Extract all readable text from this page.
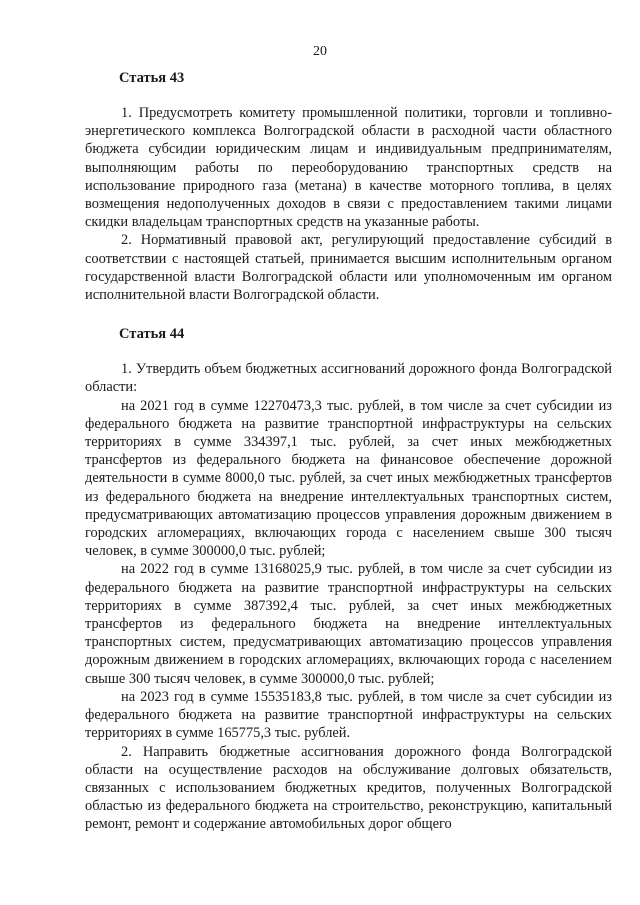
20
Статья 43

1. Предусмотреть комитету промышленной политики, торговли и топливно-энергетического комплекса Волгоградской области в расходной части областного бюджета субсидии юридическим лицам и индивидуальным предпринимателям, выполняющим работы по переоборудованию транспортных средств на использование природного газа (метана) в качестве моторного топлива, в целях возмещения недополученных доходов в связи с предоставлением такими лицами скидки владельцам транспортных средств на указанные работы.

2. Нормативный правовой акт, регулирующий предоставление субсидий в соответствии с настоящей статьей, принимается высшим исполнительным органом государственной власти Волгоградской области или уполномоченным им органом исполнительной власти Волгоградской области.

Статья 44

1. Утвердить объем бюджетных ассигнований дорожного фонда Волгоградской области:

на 2021 год в сумме 12270473,3 тыс. рублей, в том числе за счет субсидии из федерального бюджета на развитие транспортной инфраструктуры на сельских территориях в сумме 334397,1 тыс. рублей, за счет иных межбюджетных трансфертов из федерального бюджета на финансовое обеспечение дорожной деятельности в сумме 8000,0 тыс. рублей, за счет иных межбюджетных трансфертов из федерального бюджета на внедрение интеллектуальных транспортных систем, предусматривающих автоматизацию процессов управления дорожным движением в городских агломерациях, включающих города с населением свыше 300 тысяч человек, в сумме 300000,0 тыс. рублей;

на 2022 год в сумме 13168025,9 тыс. рублей, в том числе за счет субсидии из федерального бюджета на развитие транспортной инфраструктуры на сельских территориях в сумме 387392,4 тыс. рублей, за счет иных межбюджетных трансфертов из федерального бюджета на внедрение интеллектуальных транспортных систем, предусматривающих автоматизацию процессов управления дорожным движением в городских агломерациях, включающих города с населением свыше 300 тысяч человек, в сумме 300000,0 тыс. рублей;

на 2023 год в сумме 15535183,8 тыс. рублей, в том числе за счет субсидии из федерального бюджета на развитие транспортной инфраструктуры на сельских территориях в сумме 165775,3 тыс. рублей.

2. Направить бюджетные ассигнования дорожного фонда Волгоградской области на осуществление расходов на обслуживание долговых обязательств, связанных с использованием бюджетных кредитов, полученных Волгоградской областью из федерального бюджета на строительство, реконструкцию, капитальный ремонт, ремонт и содержание автомобильных дорог общего
